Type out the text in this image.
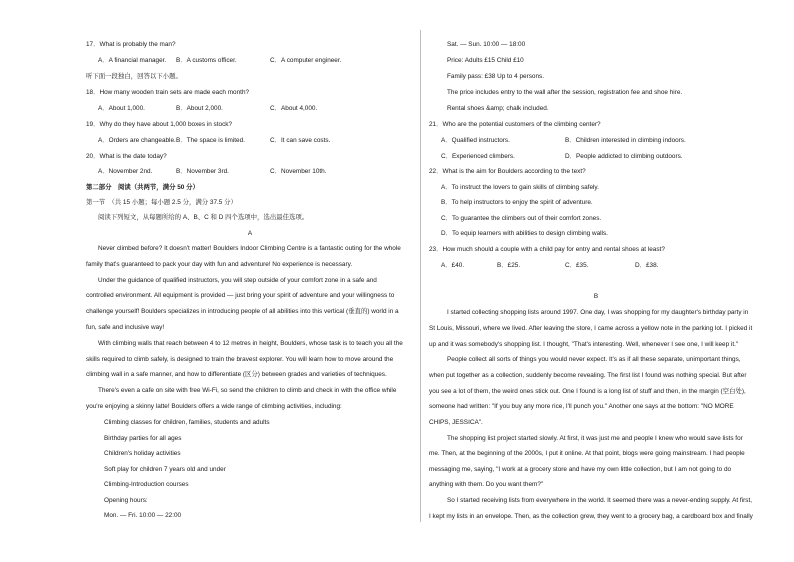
17．What is probably the man?
A．A financial manager. B．A customs officer.	C．A computer engineer.
听下面一段独白，回答以下小题。
18．How many wooden train sets are made each month?
A．About 1,000.	B．About 2,000.	C．About 4,000.
19．Why do they have about 1,000 boxes in stock?
A．Orders are changeable. B．The space is limited.	C．It can save costs.
20．What is the date today?
A．November 2nd.	B．November 3rd.	C．November 10th.
第二部分　阅读（共两节，满分 50 分）
第一节　（共 15 小题；每小题 2.5 分，满分 37.5 分）
阅读下列短文，从每题所给的 A、B、C 和 D 四个选项中，选出最佳选项。
A
Never climbed before? It doesn't matter! Boulders Indoor Climbing Centre is a fantastic outing for the whole
family that's guaranteed to pack your day with fun and adventure! No experience is necessary.
Under the guidance of qualified instructors, you will step outside of your comfort zone in a safe and
controlled environment. All equipment is provided — just bring your spirit of adventure and your willingness to
challenge yourself! Boulders specializes in introducing people of all abilities into this vertical (垂直的) world in a
fun, safe and inclusive way!
With climbing walls that reach between 4 to 12 metres in height, Boulders, whose task is to teach you all the
skills required to climb safely, is designed to train the bravest explorer. You will learn how to move around the
climbing wall in a safe manner, and how to differentiate (区分) between grades and varieties of techniques.
There's even a cafe on site with free Wi-Fi, so send the children to climb and check in with the office while
you're enjoying a skinny latte! Boulders offers a wide range of climbing activities, including:
Climbing classes for children, families, students and adults
Birthday parties for all ages
Children's holiday activities
Soft play for children 7 years old and under
Climbing-Introduction courses
Opening hours:
Mon. — Fri. 10:00 — 22:00
Sat. — Sun. 10:00 — 18:00
Price: Adults £15 Child £10
Family pass: £38 Up to 4 persons.
The price includes entry to the wall after the session, registration fee and shoe hire.
Rental shoes &amp; chalk included.
21．Who are the potential customers of the climbing center?
A．Qualified instructors.	B．Children interested in climbing indoors.
C．Experienced climbers.	D．People addicted to climbing outdoors.
22．What is the aim for Boulders according to the text?
A．To instruct the lovers to gain skills of climbing safely.
B．To help instructors to enjoy the spirit of adventure.
C．To guarantee the climbers out of their comfort zones.
D．To equip learners with abilities to design climbing walls.
23．How much should a couple with a child pay for entry and rental shoes at least?
A．£40.	B．£25.	C．£35.	D．£38.
B
I started collecting shopping lists around 1997. One day, I was shopping for my daughter's birthday party in
St Louis, Missouri, where we lived. After leaving the store, I came across a yellow note in the parking lot. I picked it
up and it was somebody's shopping list. I thought, "That's interesting. Well, whenever I see one, I will keep it."
People collect all sorts of things you would never expect. It's as if all these separate, unimportant things,
when put together as a collection, suddenly become revealing. The first list I found was nothing special. But after
you see a lot of them, the weird ones stick out. One I found is a long list of stuff and then, in the margin (空白处),
someone had written: "If you buy any more rice, I'll punch you." Another one says at the bottom: "NO MORE
CHIPS, JESSICA".
The shopping list project started slowly. At first, it was just me and people I knew who would save lists for
me. Then, at the beginning of the 2000s, I put it online. At that point, blogs were going mainstream. I had people
messaging me, saying, "I work at a grocery store and have my own little collection, but I am not going to do
anything with them. Do you want them?"
So I started receiving lists from everywhere in the world. It seemed there was a never-ending supply. At first,
I kept my lists in an envelope. Then, as the collection grew, they went to a grocery bag, a cardboard box and finally
